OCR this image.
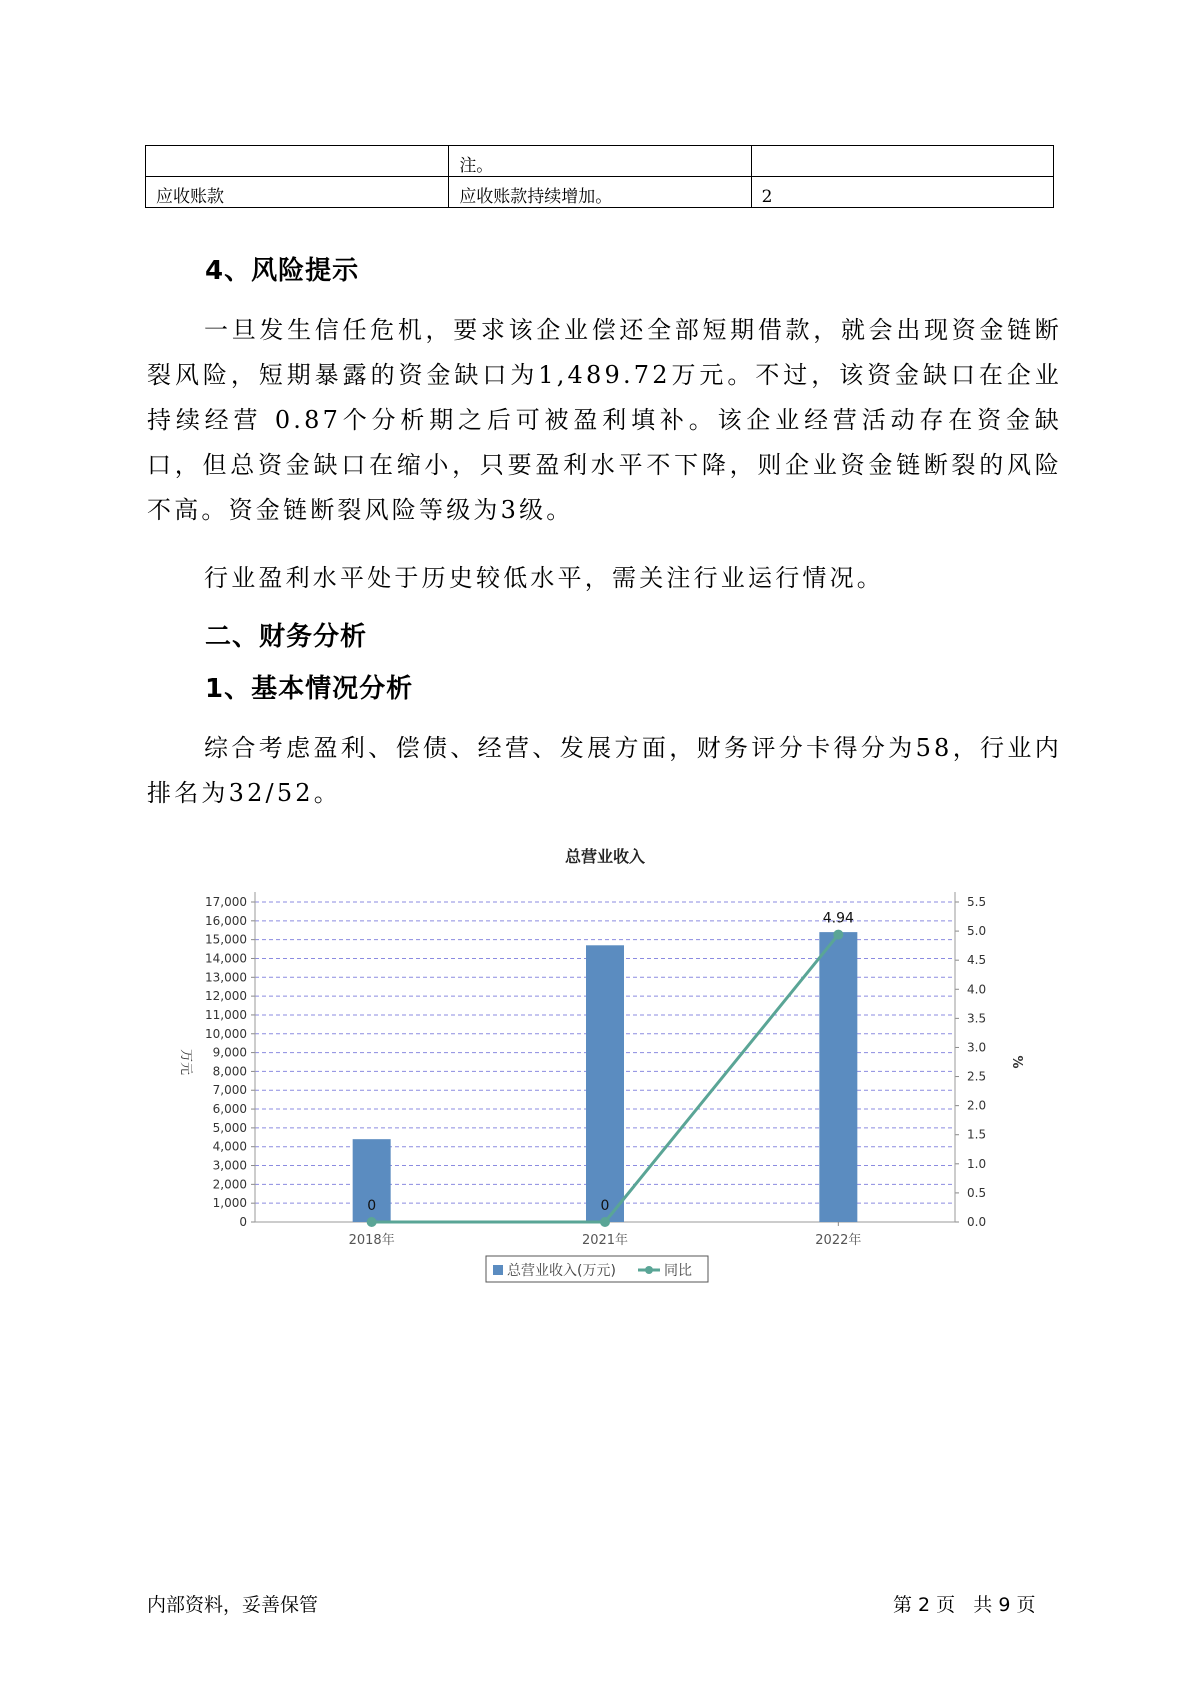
	注。	
应收账款	应收账款持续增加。	2
4、风险提示
一旦发生信任危机，要求该企业偿还全部短期借款，就会出现资金链断裂风险，短期暴露的资金缺口为1,489.72万元。不过，该资金缺口在企业持续经营 0.87个分析期之后可被盈利填补。该企业经营活动存在资金缺口，但总资金缺口在缩小，只要盈利水平不下降，则企业资金链断裂的风险不高。资金链断裂风险等级为3级。
行业盈利水平处于历史较低水平，需关注行业运行情况。
二、财务分析
1、基本情况分析
综合考虑盈利、偿债、经营、发展方面，财务评分卡得分为58，行业内排名为32/52。
总营业收入
0
1,000
2,000
3,000
4,000
5,000
6,000
7,000
8,000
9,000
10,000
11,000
12,000
13,000
14,000
15,000
16,000
17,000
0.0
0.5
1.0
1.5
2.0
2.5
3.0
3.5
4.0
4.5
5.0
5.5
万元	%
2018年	2021年	2022年
0	0
4.94
总营业收入(万元)	同比
内部资料，妥善保管	第 2 页   共 9 页
